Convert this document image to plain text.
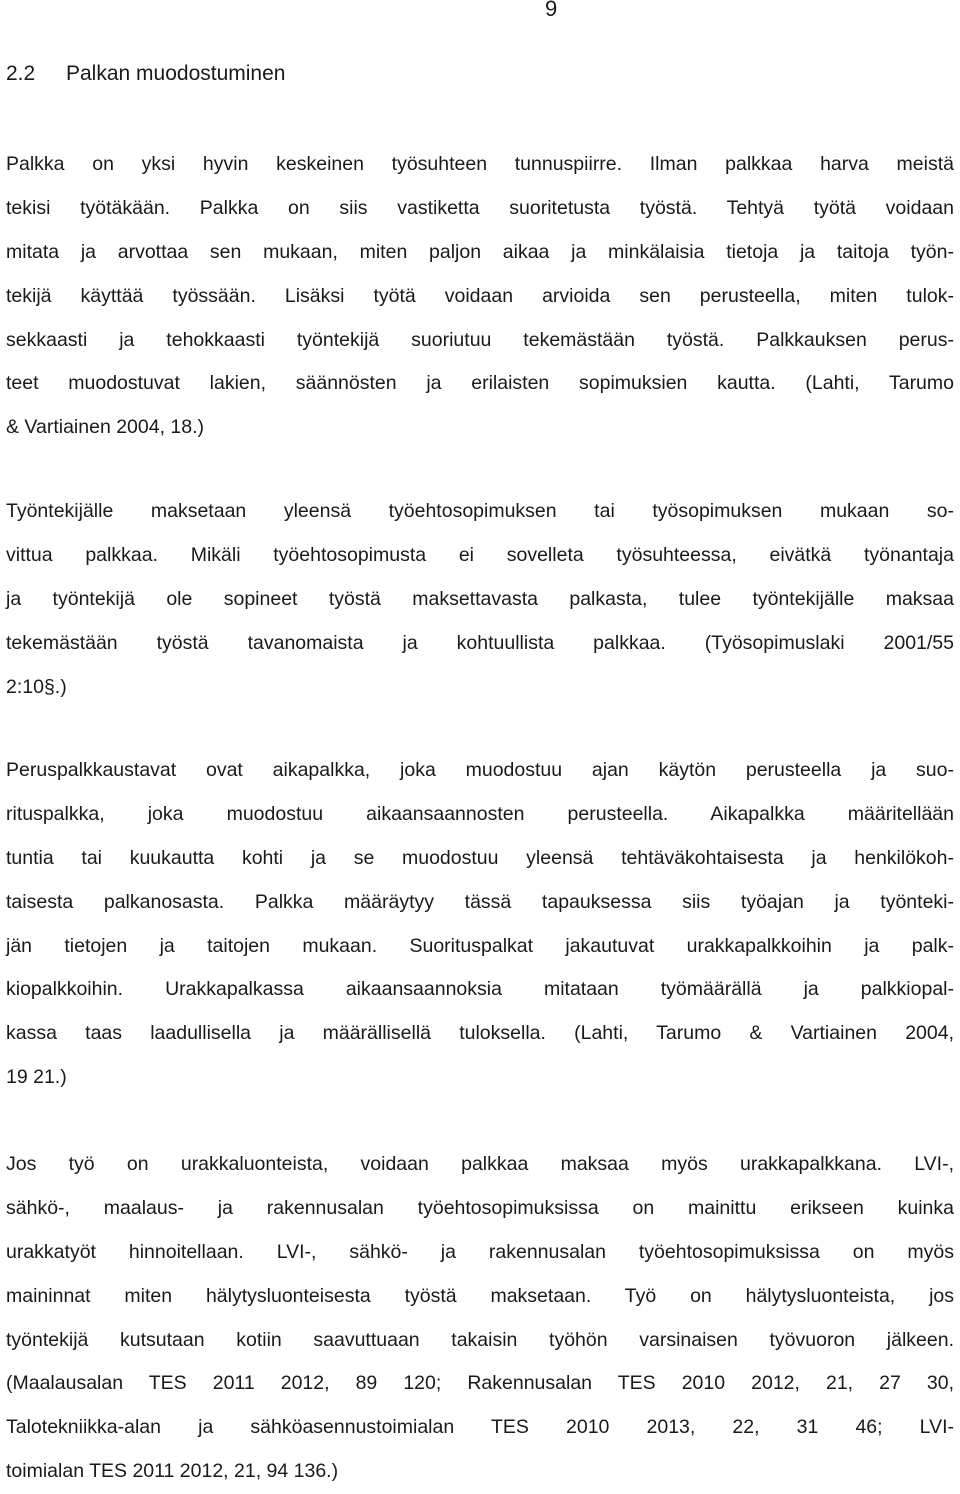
9
2.2 Palkan muodostuminen
Palkka on yksi hyvin keskeinen työsuhteen tunnuspiirre. Ilman palkkaa harva meistä
tekisi työtäkään. Palkka on siis vastiketta suoritetusta työstä. Tehtyä työtä voidaan
mitata ja arvottaa sen mukaan, miten paljon aikaa ja minkälaisia tietoja ja taitoja työn-
tekijä käyttää työssään. Lisäksi työtä voidaan arvioida sen perusteella, miten tulok-
sekkaasti ja tehokkaasti työntekijä suoriutuu tekemästään työstä. Palkkauksen perus-
teet muodostuvat lakien, säännösten ja erilaisten sopimuksien kautta. (Lahti, Tarumo
& Vartiainen 2004, 18.)
Työntekijälle maksetaan yleensä työehtosopimuksen tai työsopimuksen mukaan so-
vittua palkkaa. Mikäli työehtosopimusta ei sovelleta työsuhteessa, eivätkä työnantaja
ja työntekijä ole sopineet työstä maksettavasta palkasta, tulee työntekijälle maksaa
tekemästään työstä tavanomaista ja kohtuullista palkkaa. (Työsopimuslaki 2001/55
2:10§.)
Peruspalkkaustavat ovat aikapalkka, joka muodostuu ajan käytön perusteella ja suo-
rituspalkka, joka muodostuu aikaansaannosten perusteella. Aikapalkka määritellään
tuntia tai kuukautta kohti ja se muodostuu yleensä tehtäväkohtaisesta ja henkilökoh-
taisesta palkanosasta. Palkka määräytyy tässä tapauksessa siis työajan ja työnteki-
jän tietojen ja taitojen mukaan. Suorituspalkat jakautuvat urakkapalkkoihin ja palk-
kiopalkkoihin. Urakkapalkassa aikaansaannoksia mitataan työmäärällä ja palkkiopal-
kassa taas laadullisella ja määrällisellä tuloksella. (Lahti, Tarumo & Vartiainen 2004,
19 21.)
Jos työ on urakkaluonteista, voidaan palkkaa maksaa myös urakkapalkkana. LVI-,
sähkö-, maalaus- ja rakennusalan työehtosopimuksissa on mainittu erikseen kuinka
urakkatyöt hinnoitellaan. LVI-, sähkö- ja rakennusalan työehtosopimuksissa on myös
maininnat miten hälytysluonteisesta työstä maksetaan. Työ on hälytysluonteista, jos
työntekijä kutsutaan kotiin saavuttuaan takaisin työhön varsinaisen työvuoron jälkeen.
(Maalausalan TES 2011 2012, 89 120; Rakennusalan TES 2010 2012, 21, 27 30,
Talotekniikka-alan ja sähköasennustoimialan TES 2010 2013, 22, 31 46; LVI-
toimialan TES 2011 2012, 21, 94 136.)
